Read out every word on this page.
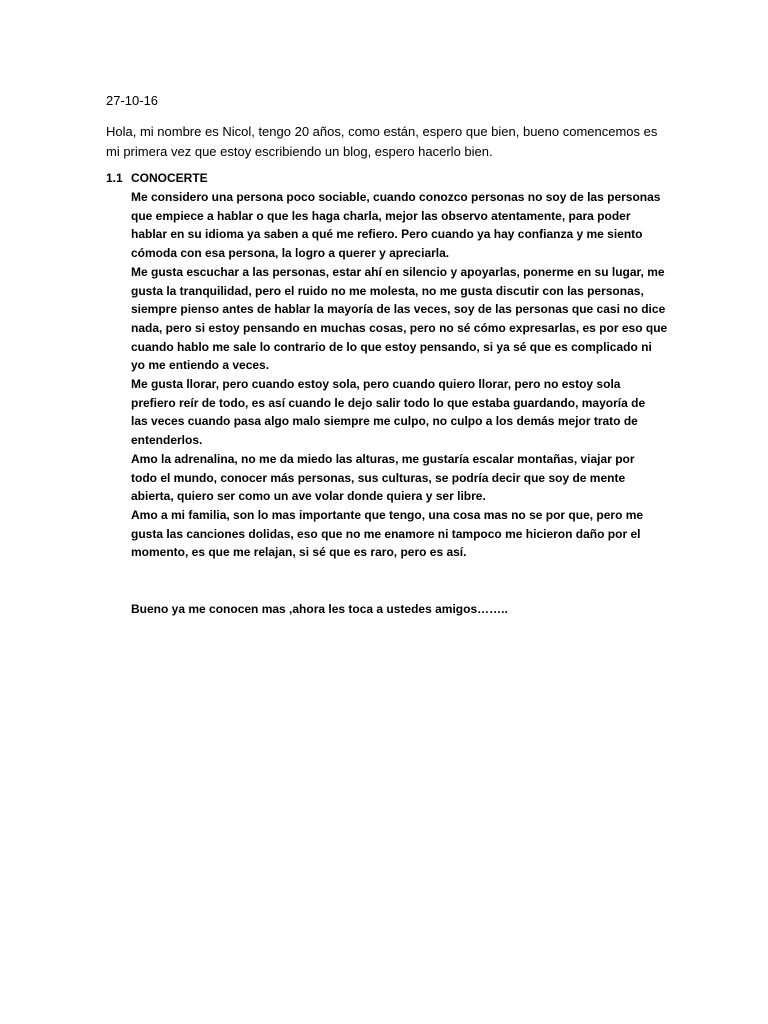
27-10-16
Hola, mi nombre es Nicol, tengo 20 años, como están, espero que bien, bueno comencemos es
mi primera vez que estoy escribiendo un blog, espero hacerlo bien.
1.1 CONOCERTE
Me considero una persona poco sociable, cuando conozco personas no soy de las personas
que empiece a hablar o que les haga charla, mejor las observo atentamente, para poder
hablar en su idioma ya saben a qué me refiero. Pero cuando ya hay confianza y me siento
cómoda con esa persona, la logro a querer y apreciarla.
Me gusta escuchar a las personas, estar ahí en silencio y apoyarlas, ponerme en su lugar, me
gusta la tranquilidad, pero el ruido no me molesta, no me gusta discutir con las personas,
siempre pienso antes de hablar la mayoría de las veces, soy de las personas que casi no dice
nada, pero si estoy pensando en muchas cosas, pero no sé cómo expresarlas, es por eso que
cuando hablo me sale lo contrario de lo que estoy pensando, si ya sé que es complicado ni
yo me entiendo a veces.
Me gusta llorar, pero cuando estoy sola, pero cuando quiero llorar, pero no estoy sola
prefiero reír de todo, es así cuando le dejo salir todo lo que estaba guardando, mayoría de
las veces cuando pasa algo malo siempre me culpo, no culpo a los demás mejor trato de
entenderlos.
Amo la adrenalina, no me da miedo las alturas, me gustaría escalar montañas, viajar por
todo el mundo, conocer más personas, sus culturas, se podría decir que soy de mente
abierta, quiero ser como un ave volar donde quiera y ser libre.
Amo a mi familia, son lo mas importante que tengo, una cosa mas no se por que, pero me
gusta las canciones dolidas, eso que no me enamore ni tampoco me hicieron daño por el
momento, es que me relajan, si sé que es raro, pero es así.
Bueno ya me conocen mas ,ahora les toca a ustedes amigos……..
